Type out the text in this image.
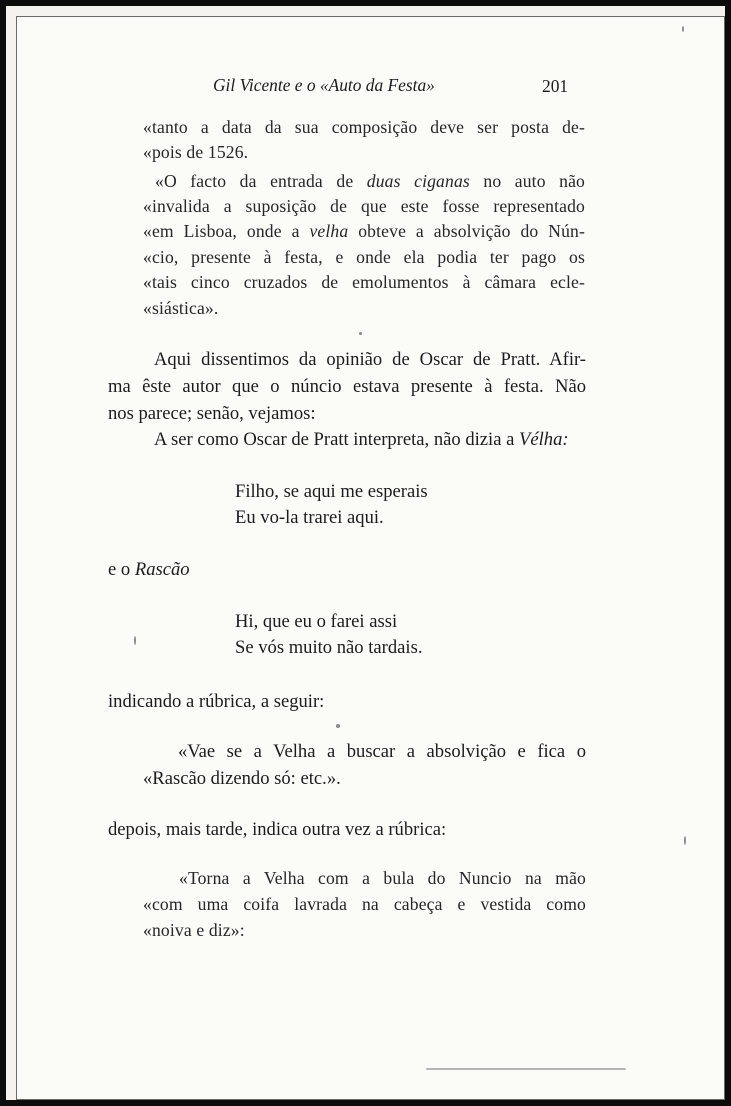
Gil Vicente e o «Auto da Festa»	201

«tanto a data da sua composição deve ser posta de-

«pois de 1526.

«O facto da entrada de duas ciganas no auto não

«invalida a suposição de que este fosse representado

«em Lisboa, onde a velha obteve a absolvição do Nún-

«cio, presente à festa, e onde ela podia ter pago os

«tais cinco cruzados de emolumentos à câmara ecle-

«siástica».

Aqui dissentimos da opinião de Oscar de Pratt. Afir-

ma êste autor que o núncio estava presente à festa. Não

nos parece; senão, vejamos:

A ser como Oscar de Pratt interpreta, não dizia a Vélha:

Filho, se aqui me esperais

Eu vo-la trarei aqui.

e o Rascão

Hi, que eu o farei assi

Se vós muito não tardais.

indicando a rúbrica, a seguir:

«Vae se a Velha a buscar a absolvição e fica o

«Rascão dizendo só: etc.».

depois, mais tarde, indica outra vez a rúbrica:

«Torna a Velha com a bula do Nuncio na mão

«com uma coifa lavrada na cabeça e vestida como

«noiva e diz»:
